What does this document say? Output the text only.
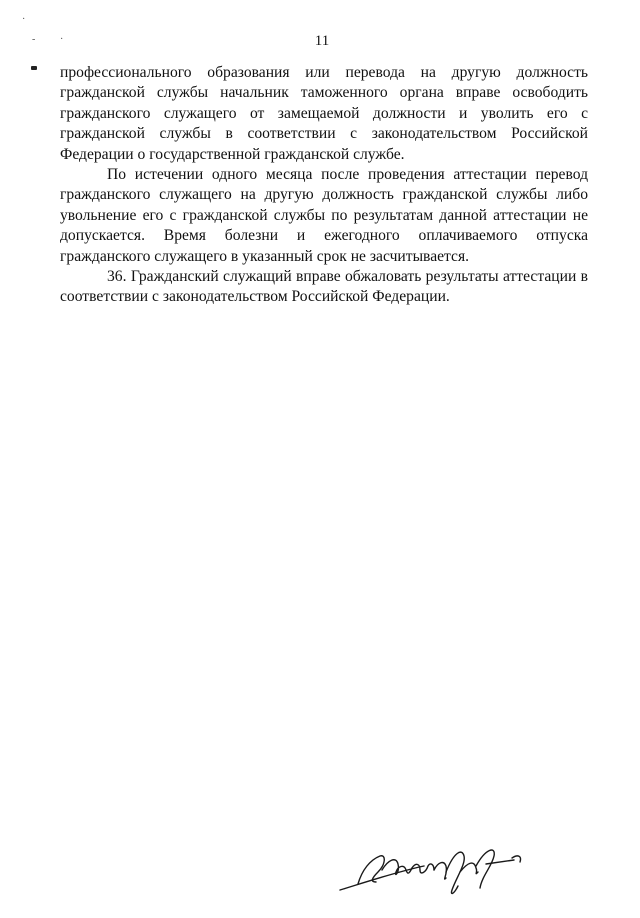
·
‑ ·	11

профессионального образования или перевода на другую должность гражданской службы начальник таможенного органа вправе освободить гражданского служащего от замещаемой должности и уволить его с гражданской службы в соответствии с законодательством Российской Федерации о государственной гражданской службе.

По истечении одного месяца после проведения аттестации перевод гражданского служащего на другую должность гражданской службы либо увольнение его с гражданской службы по результатам данной аттестации не допускается. Время болезни и ежегодного оплачиваемого отпуска гражданского служащего в указанный срок не засчитывается.

36. Гражданский служащий вправе обжаловать результаты аттестации в соответствии с законодательством Российской Федерации.
